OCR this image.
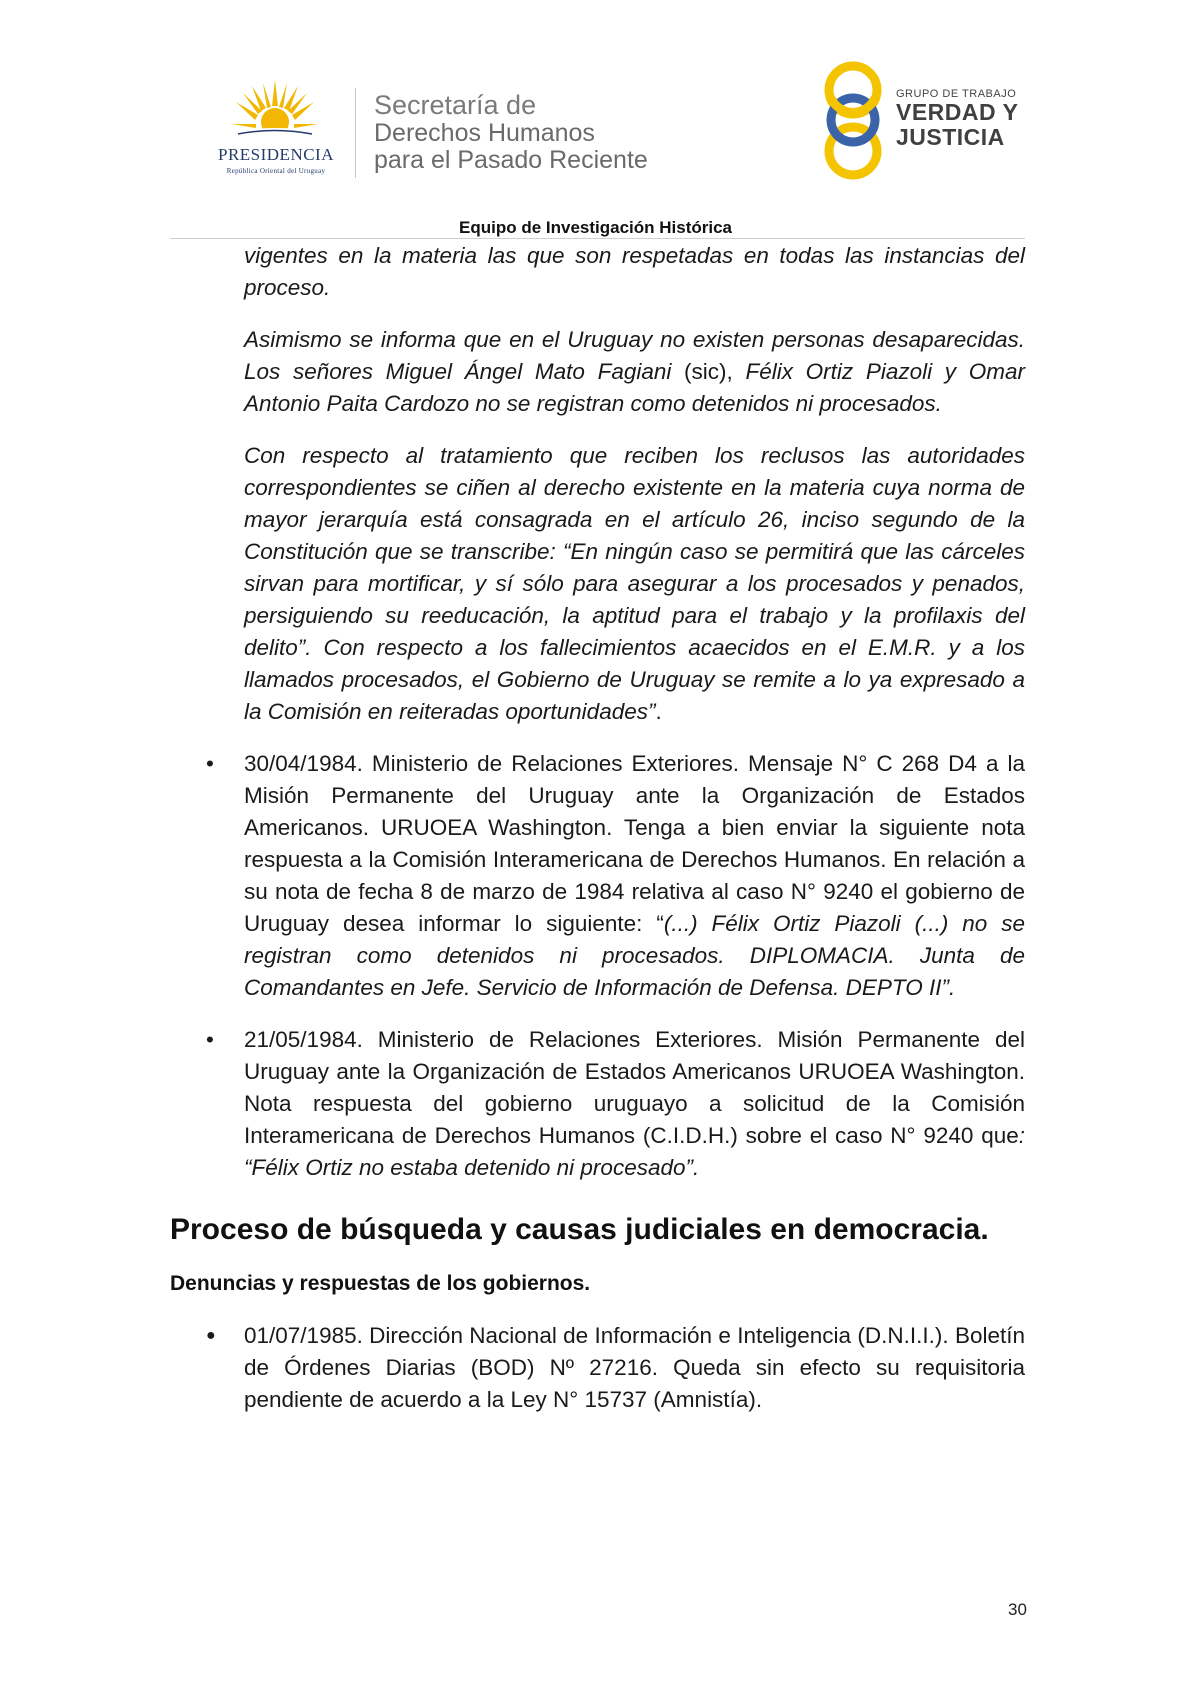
PRESIDENCIA
República Oriental del Uruguay
Secretaría de
Derechos Humanos
para el Pasado Reciente
GRUPO DE TRABAJO
VERDAD Y
JUSTICIA
Equipo de Investigación Histórica

vigentes en la materia las que son respetadas en todas las instancias del proceso.

Asimismo se informa que en el Uruguay no existen personas desaparecidas. Los señores Miguel Ángel Mato Fagiani (sic), Félix Ortiz Piazoli y Omar Antonio Paita Cardozo no se registran como detenidos ni procesados.

Con respecto al tratamiento que reciben los reclusos las autoridades correspondientes se ciñen al derecho existente en la materia cuya norma de mayor jerarquía está consagrada en el artículo 26, inciso segundo de la Constitución que se transcribe: “En ningún caso se permitirá que las cárceles sirvan para mortificar, y sí sólo para asegurar a los procesados y penados, persiguiendo su reeducación, la aptitud para el trabajo y la profilaxis del delito”. Con respecto a los fallecimientos acaecidos en el E.M.R. y a los llamados procesados, el Gobierno de Uruguay se remite a lo ya expresado a la Comisión en reiteradas oportunidades”.

• 30/04/1984. Ministerio de Relaciones Exteriores. Mensaje N° C 268 D4 a la Misión Permanente del Uruguay ante la Organización de Estados Americanos. URUOEA Washington. Tenga a bien enviar la siguiente nota respuesta a la Comisión Interamericana de Derechos Humanos. En relación a su nota de fecha 8 de marzo de 1984 relativa al caso N° 9240 el gobierno de Uruguay desea informar lo siguiente: “(...) Félix Ortiz Piazoli (...) no se registran como detenidos ni procesados. DIPLOMACIA. Junta de Comandantes en Jefe. Servicio de Información de Defensa. DEPTO II”.
• 21/05/1984. Ministerio de Relaciones Exteriores. Misión Permanente del Uruguay ante la Organización de Estados Americanos URUOEA Washington. Nota respuesta del gobierno uruguayo a solicitud de la Comisión Interamericana de Derechos Humanos (C.I.D.H.) sobre el caso N° 9240 que: “Félix Ortiz no estaba detenido ni procesado”.
Proceso de búsqueda y causas judiciales en democracia.
Denuncias y respuestas de los gobiernos.
● 01/07/1985. Dirección Nacional de Información e Inteligencia (D.N.I.I.). Boletín de Órdenes Diarias (BOD) Nº 27216. Queda sin efecto su requisitoria pendiente de acuerdo a la Ley N° 15737 (Amnistía).
30
